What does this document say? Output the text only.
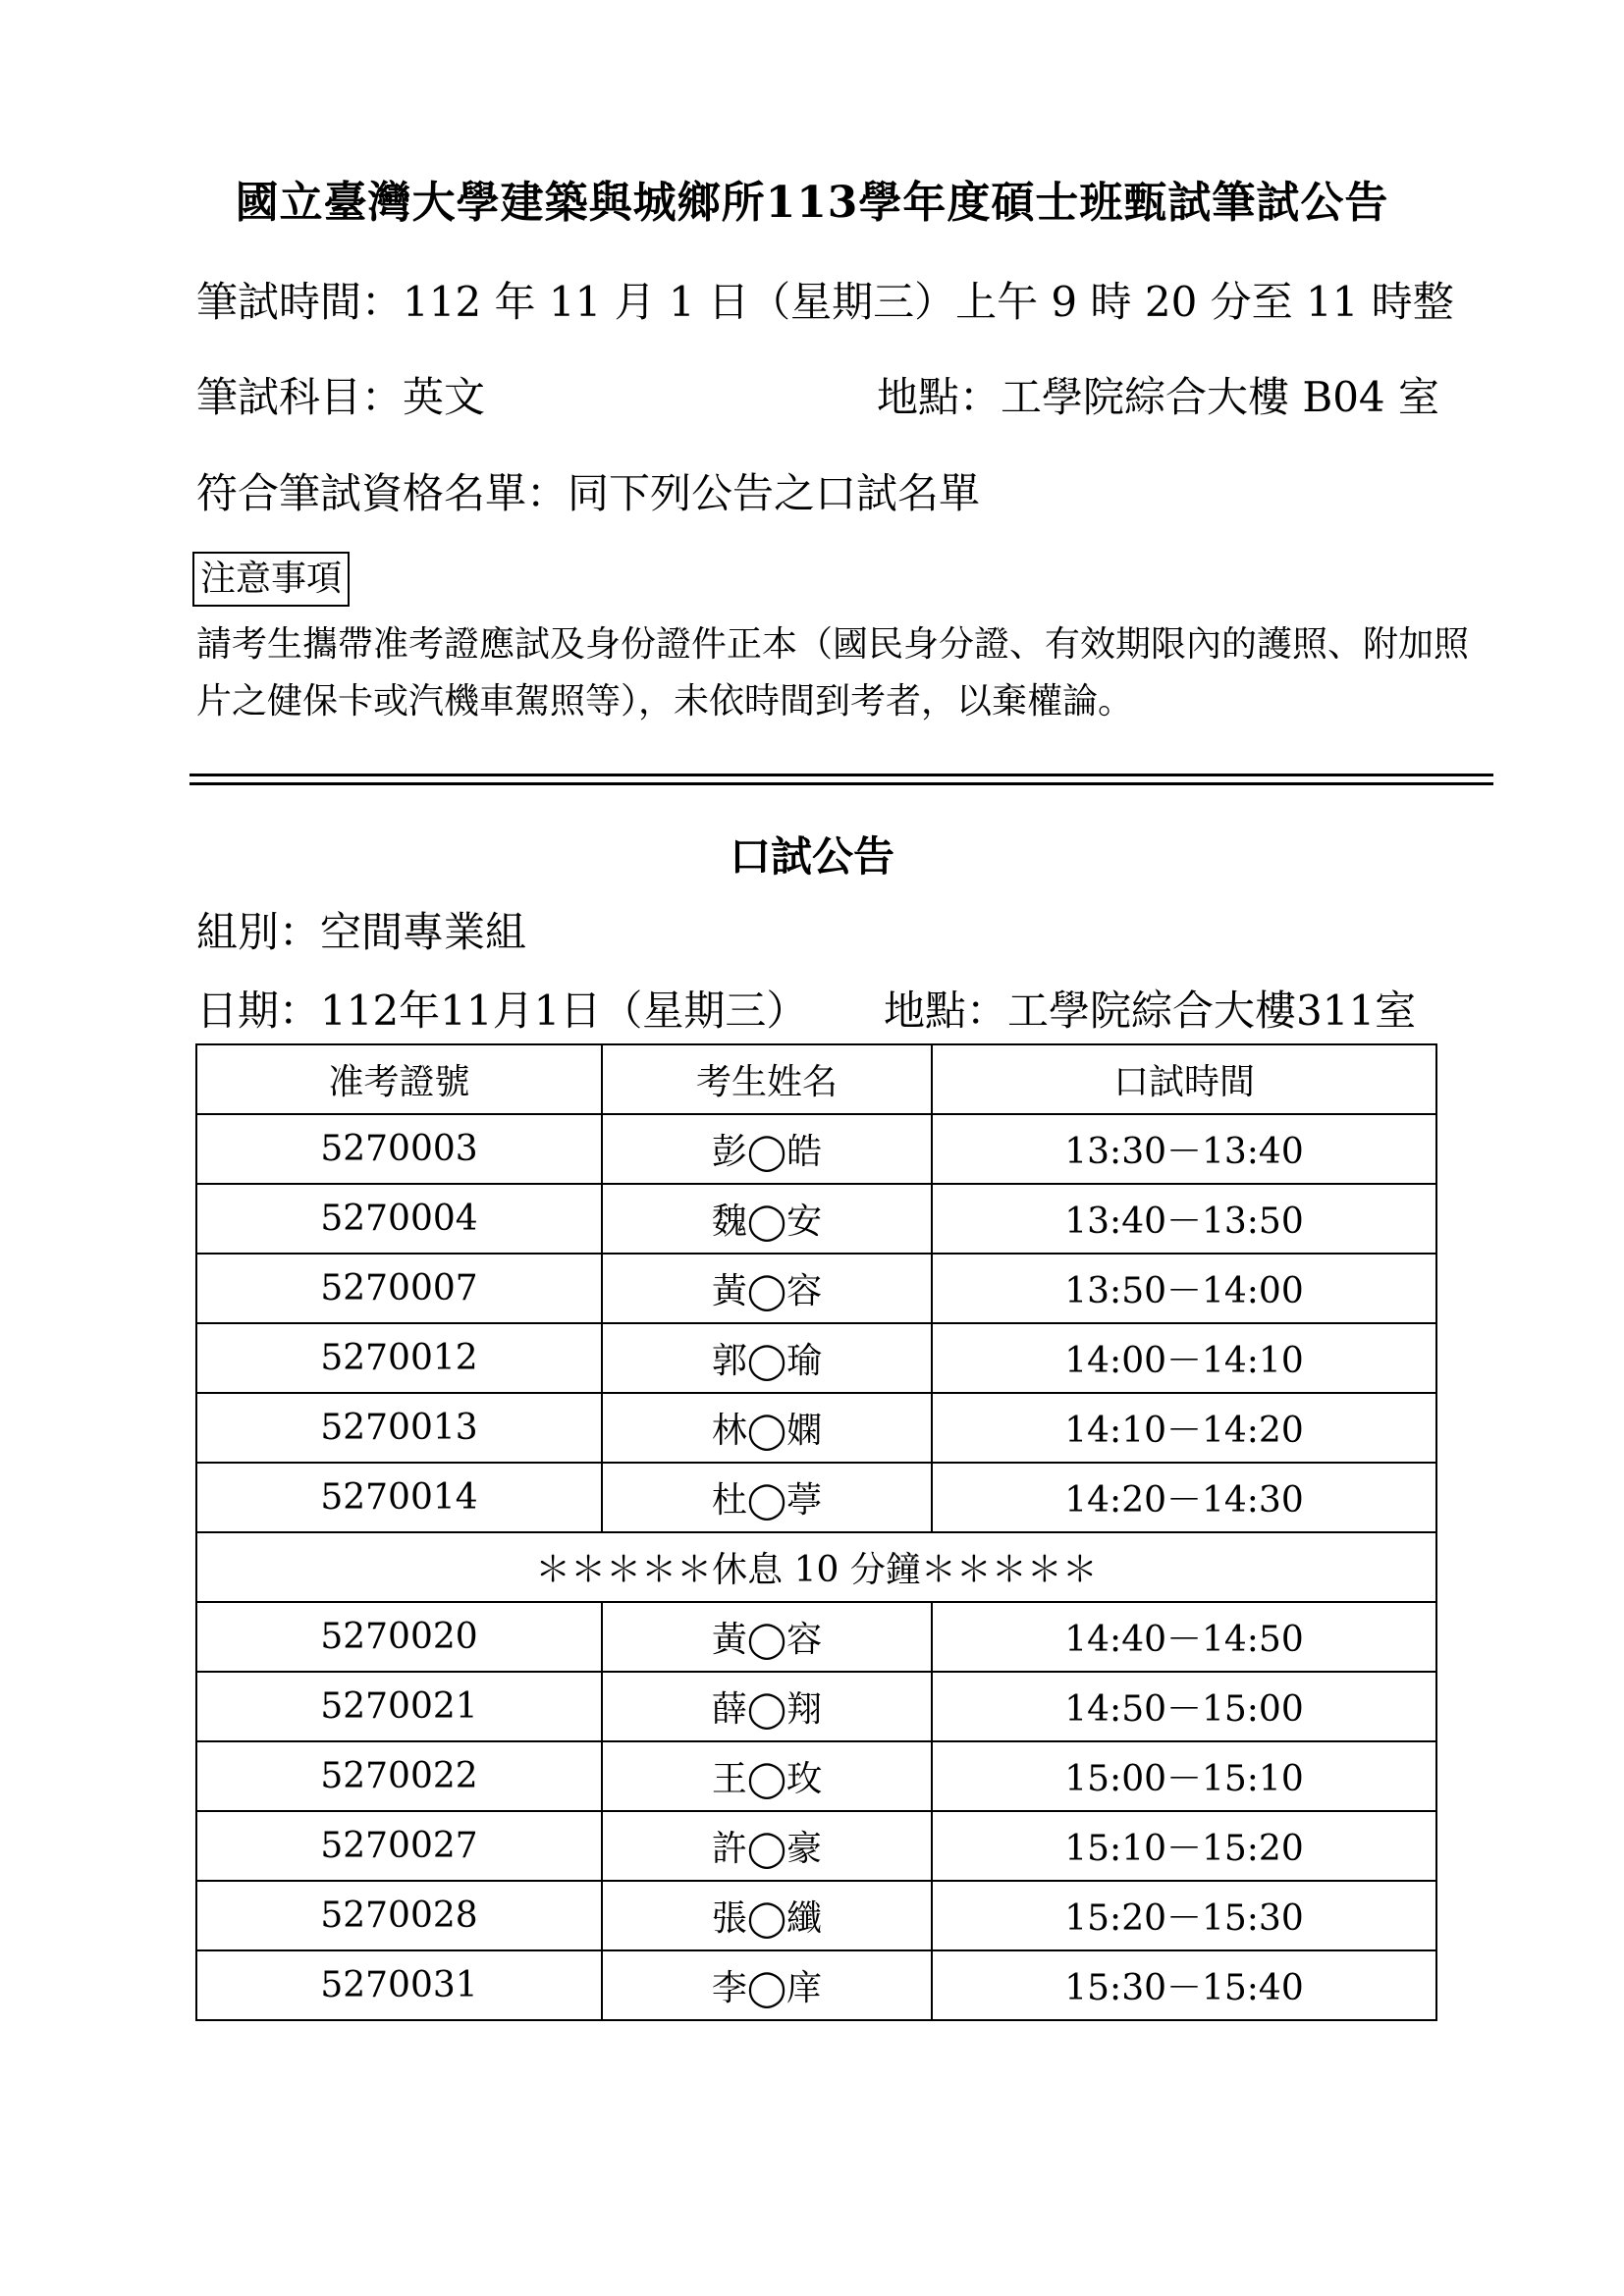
國立臺灣大學建築與城鄉所113學年度碩士班甄試筆試公告
筆試時間：112 年 11 月 1 日（星期三）上午 9 時 20 分至 11 時整
筆試科目：英文	地點：工學院綜合大樓 B04 室
符合筆試資格名單：同下列公告之口試名單
注意事項
請考生攜帶准考證應試及身份證件正本（國民身分證、有效期限內的護照、附加照片之健保卡或汽機車駕照等），未依時間到考者，以棄權論。
口試公告
組別：空間專業組
日期：112年11月1日（星期三） 地點：工學院綜合大樓311室
准考證號	考生姓名	口試時間
5270003	彭◯皓	13:30－13:40
5270004	魏◯安	13:40－13:50
5270007	黃◯容	13:50－14:00
5270012	郭◯瑜	14:00－14:10
5270013	林◯嫻	14:10－14:20
5270014	杜◯葶	14:20－14:30
＊＊＊＊＊休息 10 分鐘＊＊＊＊＊		
5270020	黃◯容	14:40－14:50
5270021	薛◯翔	14:50－15:00
5270022	王◯玫	15:00－15:10
5270027	許◯豪	15:10－15:20
5270028	張◯纖	15:20－15:30
5270031	李◯庠	15:30－15:40
